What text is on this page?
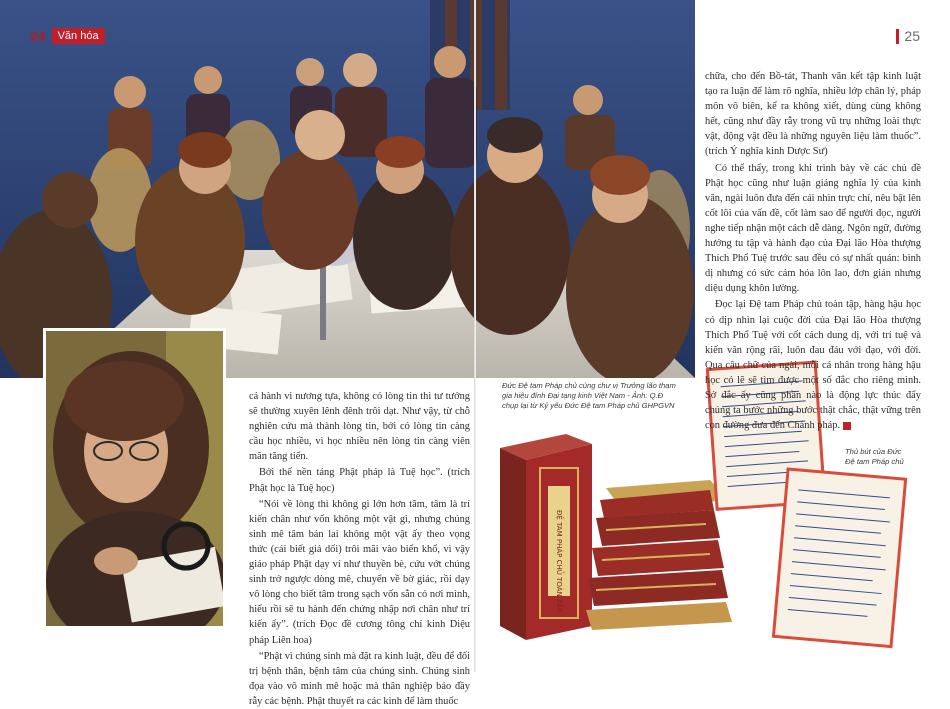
24	Văn hóa	25

cả hành vi nương tựa, không có lòng tin thì tư tưởng sẽ thường xuyên lênh đênh trôi dạt. Như vậy, từ chỗ nghiên cứu mà thành lòng tin, bởi có lòng tin càng cầu học nhiều, vì học nhiều nên lòng tin càng viên mãn tăng tiến.

Bởi thế nền tảng Phật pháp là Tuệ học”. (trích Phật học là Tuệ học)

“Nói về lòng thì không gì lớn hơn tâm, tâm là trí kiến chân như vốn không một vật gì, nhưng chúng sinh mê tâm bản lai không một vật ấy theo vọng thức (cái biết giả dối) trôi mãi vào biển khổ, vì vậy giáo pháp Phật dạy ví như thuyền bè, cứu vớt chúng sinh trở ngược dòng mê, chuyển về bờ giác, rồi dạy vô lòng cho biết tâm trong sạch vốn sẵn có nơi mình, hiểu rồi sẽ tu hành đến chứng nhập nơi chân như trí kiến ấy”. (trích Đọc đề cương tông chỉ kinh Diệu pháp Liên hoa)

“Phật vì chúng sinh mà đặt ra kinh luật, đều để đối trị bệnh thân, bệnh tâm của chúng sinh. Chúng sinh đọa vào vô minh mê hoặc mà thân nghiệp bảo đầy rẫy các bệnh. Phật thuyết ra các kinh để làm thuốc

Đức Đệ tam Pháp chủ cùng chư vị Trưởng lão tham gia hiệu đính Đại tạng kinh Việt Nam - Ảnh: Q.Đ chụp lại từ Kỷ yếu Đức Đệ tam Pháp chủ GHPGVN
ĐỆ TAM PHÁP CHỦ TOÀN TẬP
Thủ bút của Đức Đệ tam Pháp chủ

chữa, cho đến Bồ-tát, Thanh văn kết tập kinh luật tạo ra luận để làm rõ nghĩa, nhiều lớp chân lý, pháp môn vô biên, kể ra không xiết, dùng cùng không hết, cũng như đầy rẫy trong vũ trụ những loài thực vật, động vật đều là những nguyên liệu làm thuốc”. (trích Ý nghĩa kinh Dược Sư)

Có thể thấy, trong khi trình bày về các chủ đề Phật học cũng như luận giảng nghĩa lý của kinh văn, ngài luôn đưa đến cái nhìn trực chỉ, nêu bật lên cốt lõi của vấn đề, cốt làm sao để người đọc, người nghe tiếp nhận một cách dễ dàng. Ngôn ngữ, đường hướng tu tập và hành đạo của Đại lão Hòa thượng Thích Phổ Tuệ trước sau đều có sự nhất quán: bình dị nhưng có sức cảm hóa lôn lao, đơn giản nhưng diệu dụng khôn lường.

Đọc lại Đệ tam Pháp chủ toàn tập, hàng hậu học có dịp nhìn lại cuộc đời của Đại lão Hòa thượng Thích Phổ Tuệ với cốt cách dung dị, với trí tuệ và kiến văn rộng rãi, luôn đau đáu với đạo, với đời. Qua câu chữ của ngài, mỗi cá nhân trong hàng hậu học có lẽ sẽ tìm được một số đắc cho riêng mình. Sở đắc ấy cũng phần nào là động lực thúc đẩy chúng ta bước những bước thật chắc, thật vững trên con đường đưa đến Chánh pháp.
